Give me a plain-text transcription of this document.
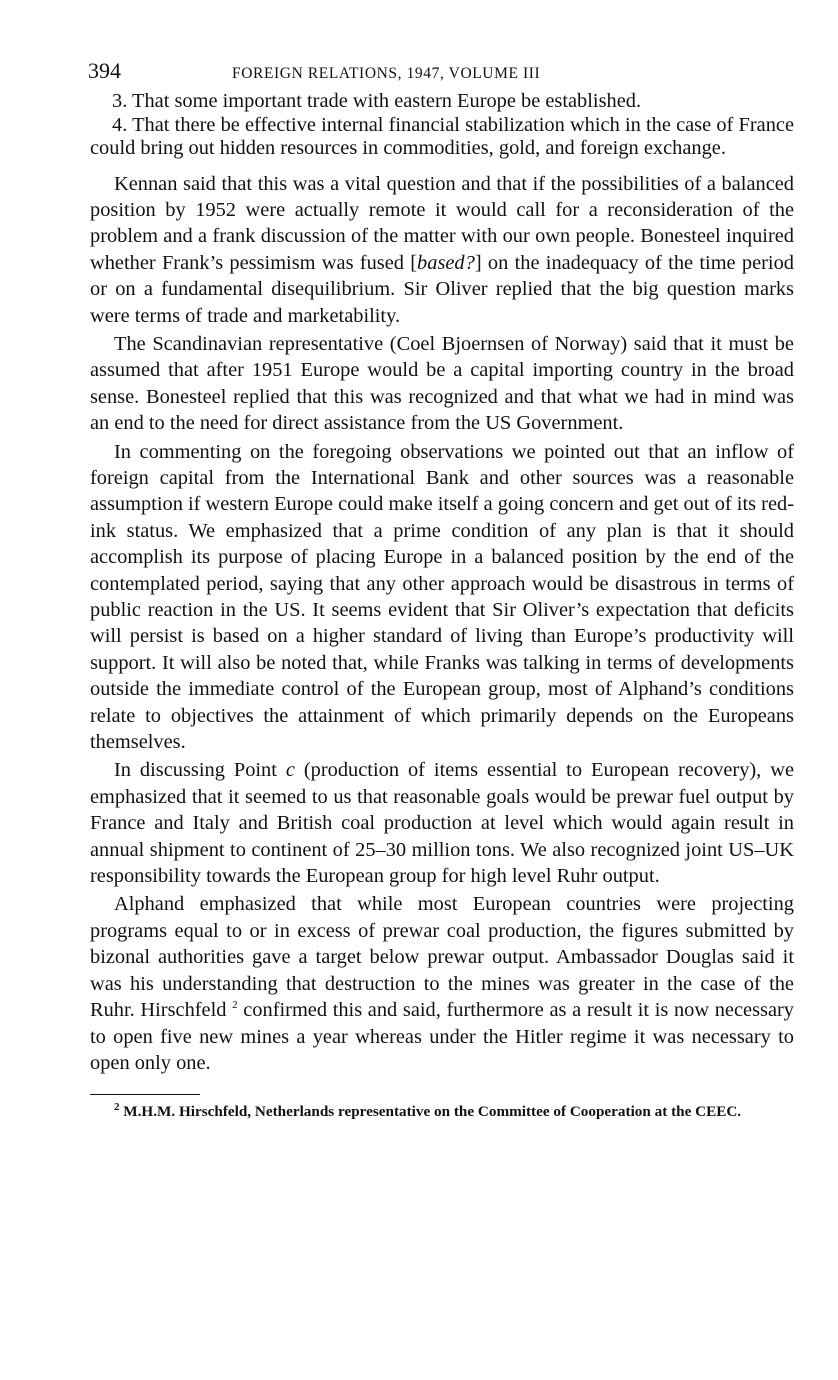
394	FOREIGN RELATIONS, 1947, VOLUME III

3. That some important trade with eastern Europe be established.

4. That there be effective internal financial stabilization which in the case of France could bring out hidden resources in commodities, gold, and foreign exchange.

Kennan said that this was a vital question and that if the possibilities of a balanced position by 1952 were actually remote it would call for a reconsideration of the problem and a frank discussion of the matter with our own people. Bonesteel inquired whether Frank’s pessimism was fused [based?] on the inadequacy of the time period or on a fundamental disequilibrium. Sir Oliver replied that the big question marks were terms of trade and marketability.

The Scandinavian representative (Coel Bjoernsen of Norway) said that it must be assumed that after 1951 Europe would be a capital importing country in the broad sense. Bonesteel replied that this was recognized and that what we had in mind was an end to the need for direct assistance from the US Government.

In commenting on the foregoing observations we pointed out that an inflow of foreign capital from the International Bank and other sources was a reasonable assumption if western Europe could make itself a going concern and get out of its red-ink status. We emphasized that a prime condition of any plan is that it should accomplish its purpose of placing Europe in a balanced position by the end of the contemplated period, saying that any other approach would be disastrous in terms of public reaction in the US. It seems evident that Sir Oliver’s expectation that deficits will persist is based on a higher standard of living than Europe’s productivity will support. It will also be noted that, while Franks was talking in terms of developments outside the immediate control of the European group, most of Alphand’s conditions relate to objectives the attainment of which primarily depends on the Europeans themselves.

In discussing Point c (production of items essential to European recovery), we emphasized that it seemed to us that reasonable goals would be prewar fuel output by France and Italy and British coal production at level which would again result in annual shipment to continent of 25–30 million tons. We also recognized joint US–UK responsibility towards the European group for high level Ruhr output.

Alphand emphasized that while most European countries were projecting programs equal to or in excess of prewar coal production, the figures submitted by bizonal authorities gave a target below prewar output. Ambassador Douglas said it was his understanding that destruction to the mines was greater in the case of the Ruhr. Hirschfeld $^2$ confirmed this and said, furthermore as a result it is now necessary to open five new mines a year whereas under the Hitler regime it was necessary to open only one.

$^2$ M.H.M. Hirschfeld, Netherlands representative on the Committee of Cooperation at the CEEC.
